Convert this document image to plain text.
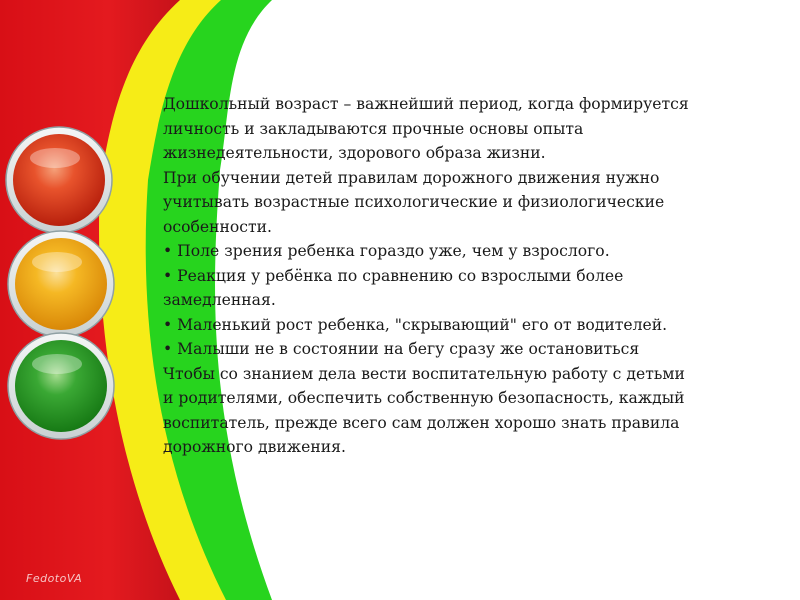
Дошкольный возраст – важнейший период, когда формируется

личность и закладываются прочные основы опыта

жизнедеятельности, здорового образа жизни.

При обучении детей правилам дорожного движения нужно

учитывать возрастные психологические и физиологические

особенности.

• Поле зрения ребенка гораздо уже, чем у взрослого.

• Реакция у ребёнка по сравнению со взрослыми более

замедленная.

• Маленький рост ребенка, "скрывающий" его от водителей.

• Малыши не в состоянии на бегу сразу же остановиться

Чтобы со знанием дела вести воспитательную работу с детьми

и родителями, обеспечить собственную безопасность, каждый

воспитатель, прежде всего сам должен хорошо знать правила

дорожного движения.

FedotoVA
